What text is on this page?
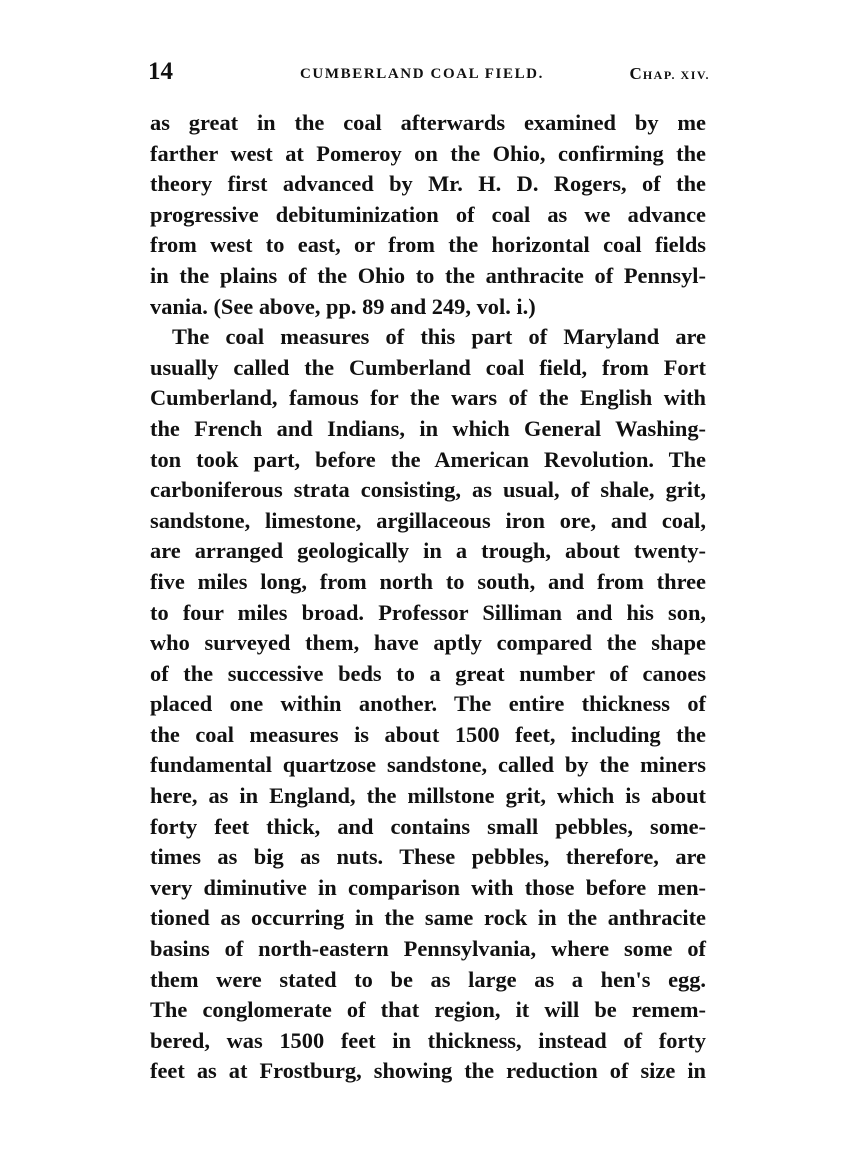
14	CUMBERLAND COAL FIELD.	CHAP. XIV.
as great in the coal afterwards examined by me
farther west at Pomeroy on the Ohio, confirming the
theory first advanced by Mr. H. D. Rogers, of the
progressive debituminization of coal as we advance
from west to east, or from the horizontal coal fields
in the plains of the Ohio to the anthracite of Pennsyl-
vania. (See above, pp. 89 and 249, vol. i.)
The coal measures of this part of Maryland are
usually called the Cumberland coal field, from Fort
Cumberland, famous for the wars of the English with
the French and Indians, in which General Washing-
ton took part, before the American Revolution. The
carboniferous strata consisting, as usual, of shale, grit,
sandstone, limestone, argillaceous iron ore, and coal,
are arranged geologically in a trough, about twenty-
five miles long, from north to south, and from three
to four miles broad. Professor Silliman and his son,
who surveyed them, have aptly compared the shape
of the successive beds to a great number of canoes
placed one within another. The entire thickness of
the coal measures is about 1500 feet, including the
fundamental quartzose sandstone, called by the miners
here, as in England, the millstone grit, which is about
forty feet thick, and contains small pebbles, some-
times as big as nuts. These pebbles, therefore, are
very diminutive in comparison with those before men-
tioned as occurring in the same rock in the anthracite
basins of north-eastern Pennsylvania, where some of
them were stated to be as large as a hen's egg.
The conglomerate of that region, it will be remem-
bered, was 1500 feet in thickness, instead of forty
feet as at Frostburg, showing the reduction of size in
